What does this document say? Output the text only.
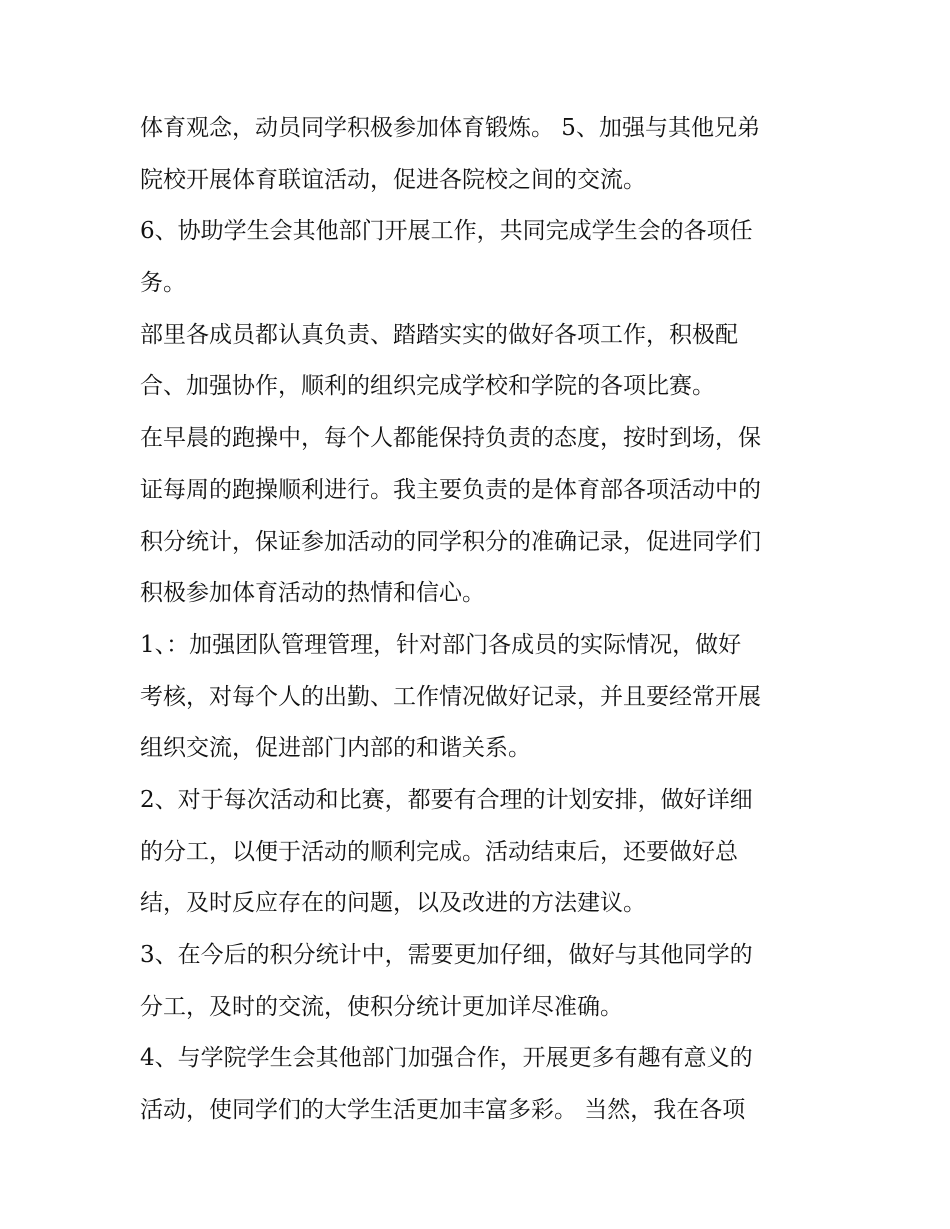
体育观念，动员同学积极参加体育锻炼。 5、加强与其他兄弟
院校开展体育联谊活动，促进各院校之间的交流。
6、协助学生会其他部门开展工作，共同完成学生会的各项任
务。
部里各成员都认真负责、踏踏实实的做好各项工作，积极配
合、加强协作，顺利的组织完成学校和学院的各项比赛。
在早晨的跑操中，每个人都能保持负责的态度，按时到场，保
证每周的跑操顺利进行。我主要负责的是体育部各项活动中的
积分统计，保证参加活动的同学积分的准确记录，促进同学们
积极参加体育活动的热情和信心。
1、：加强团队管理管理，针对部门各成员的实际情况，做好
考核，对每个人的出勤、工作情况做好记录，并且要经常开展
组织交流，促进部门内部的和谐关系。
2、对于每次活动和比赛，都要有合理的计划安排，做好详细
的分工，以便于活动的顺利完成。活动结束后，还要做好总
结，及时反应存在的问题，以及改进的方法建议。
3、在今后的积分统计中，需要更加仔细，做好与其他同学的
分工，及时的交流，使积分统计更加详尽准确。
4、与学院学生会其他部门加强合作，开展更多有趣有意义的
活动，使同学们的大学生活更加丰富多彩。 当然，我在各项
